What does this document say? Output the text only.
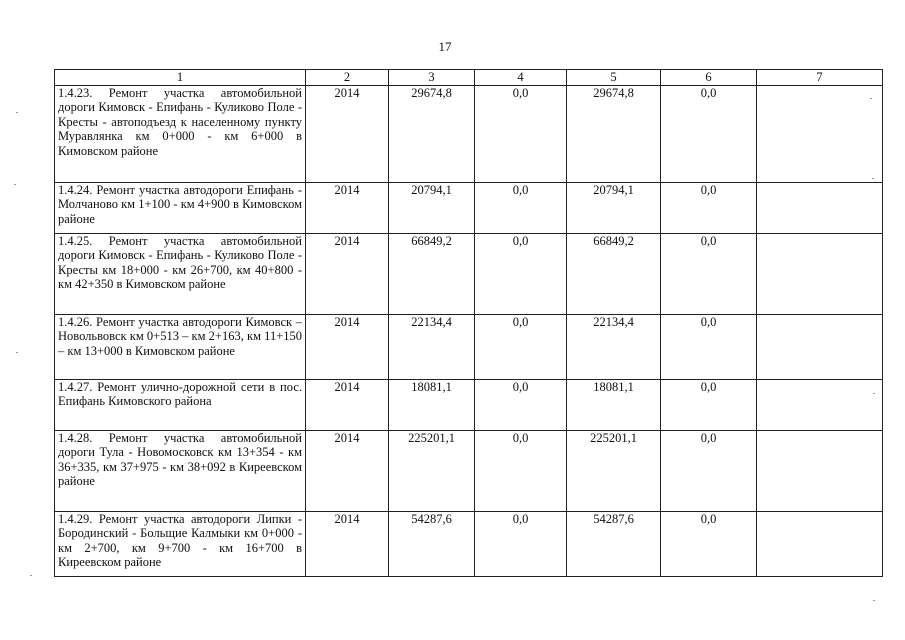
17
1	2	3	4	5	6	7
1.4.23. Ремонт участка автомобильной дороги Кимовск - Епифань - Куликово Поле - Кресты - автоподъезд к населенному пункту Муравлянка км 0+000 - км 6+000 в Кимовском районе	2014	29674,8	0,0	29674,8	0,0	
1.4.24. Ремонт участка автодороги Епифань - Молчаново км 1+100 - км 4+900 в Кимовском районе	2014	20794,1	0,0	20794,1	0,0	
1.4.25. Ремонт участка автомобильной дороги Кимовск - Епифань - Куликово Поле - Кресты км 18+000 - км 26+700, км 40+800 - км 42+350 в Кимовском районе	2014	66849,2	0,0	66849,2	0,0	
1.4.26. Ремонт участка автодороги Кимовск – Новольвовск км 0+513 – км 2+163, км 11+150 – км 13+000 в Кимовском районе	2014	22134,4	0,0	22134,4	0,0	
1.4.27. Ремонт улично-дорожной сети в пос. Епифань Кимовского района	2014	18081,1	0,0	18081,1	0,0	
1.4.28. Ремонт участка автомобильной дороги Тула - Новомосковск км 13+354 - км 36+335, км 37+975 - км 38+092 в Киреевском районе	2014	225201,1	0,0	225201,1	0,0	
1.4.29. Ремонт участка автодороги Липки - Бородинский - Больщие Калмыки км 0+000 - км 2+700, км 9+700 - км 16+700 в Киреевском районе	2014	54287,6	0,0	54287,6	0,0	
